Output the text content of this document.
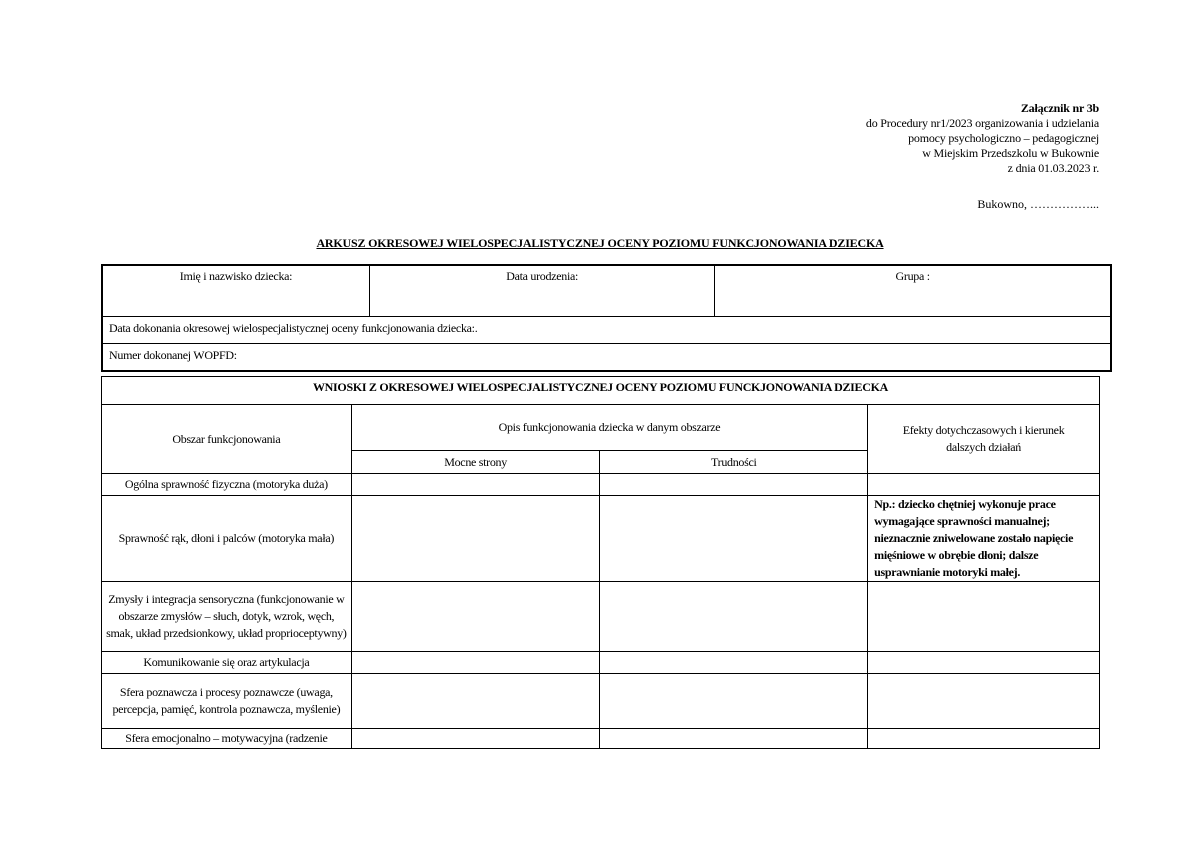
Załącznik nr 3b
do Procedury nr1/2023 organizowania i udzielania
pomocy psychologiczno – pedagogicznej
w Miejskim Przedszkolu w Bukownie
z dnia 01.03.2023 r.
Bukowno, ……………...
ARKUSZ OKRESOWEJ WIELOSPECJALISTYCZNEJ OCENY POZIOMU FUNKCJONOWANIA DZIECKA
Imię i nazwisko dziecka:	Data urodzenia:	Grupa :
Data dokonania okresowej wielospecjalistycznej oceny funkcjonowania dziecka:.
Numer dokonanej WOPFD:
WNIOSKI Z OKRESOWEJ WIELOSPECJALISTYCZNEJ OCENY POZIOMU FUNCKJONOWANIA DZIECKA			
Obszar funkcjonowania	Opis funkcjonowania dziecka w danym obszarze		Efekty dotychczasowych i kierunek dalszych działań
	Mocne strony	Trudności	
Ogólna sprawność fizyczna (motoryka duża)			
Sprawność rąk, dłoni i palców (motoryka mała)			Np.: dziecko chętniej wykonuje prace wymagające sprawności manualnej; nieznacznie zniwelowane zostało napięcie mięśniowe w obrębie dłoni; dalsze usprawnianie motoryki małej.
Zmysły i integracja sensoryczna (funkcjonowanie w obszarze zmysłów – słuch, dotyk, wzrok, węch, smak, układ przedsionkowy, układ proprioceptywny)			
Komunikowanie się oraz artykulacja			
Sfera poznawcza i procesy poznawcze (uwaga, percepcja, pamięć, kontrola poznawcza, myślenie)			
Sfera emocjonalno – motywacyjna (radzenie			
